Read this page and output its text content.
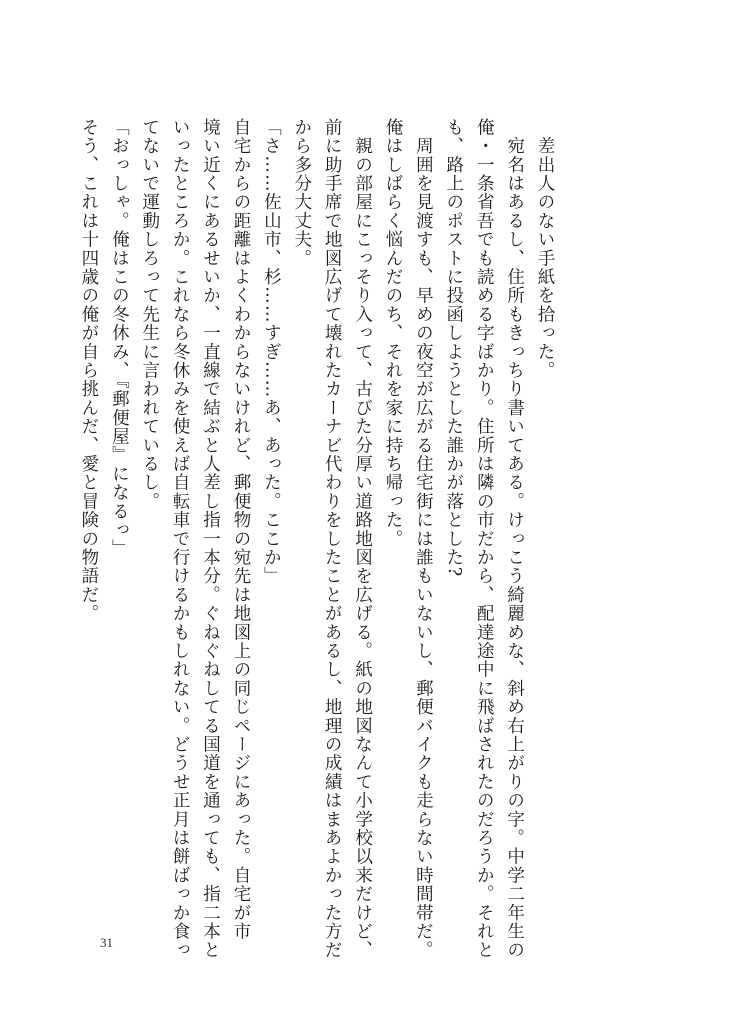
差出人のない手紙を拾った。

宛名はあるし、住所もきっちり書いてある。けっこう綺麗めな、斜め右上がりの字。中学二年生の

俺・一条省吾でも読める字ばかり。住所は隣の市だから、配達途中に飛ばされたのだろうか。それと

も、路上のポストに投函しようとした誰かが落とした?

周囲を見渡すも、早めの夜空が広がる住宅街には誰もいないし、郵便バイクも走らない時間帯だ。

俺はしばらく悩んだのち、それを家に持ち帰った。

親の部屋にこっそり入って、古びた分厚い道路地図を広げる。紙の地図なんて小学校以来だけど、

前に助手席で地図広げて壊れたカーナビ代わりをしたことがあるし、地理の成績はまあよかった方だ

から多分大丈夫。

「さ……佐山市、杉……すぎ……あ、あった。ここか」

自宅からの距離はよくわからないけれど、郵便物の宛先は地図上の同じページにあった。自宅が市

境い近くにあるせいか、一直線で結ぶと人差し指一本分。ぐねぐねしてる国道を通っても、指二本と

いったところか。これなら冬休みを使えば自転車で行けるかもしれない。どうせ正月は餅ばっか食っ

てないで運動しろって先生に言われているし。

「おっしゃ。俺はこの冬休み、『郵便屋』になるっ」

そう、これは十四歳の俺が自ら挑んだ、愛と冒険の物語だ。

31
